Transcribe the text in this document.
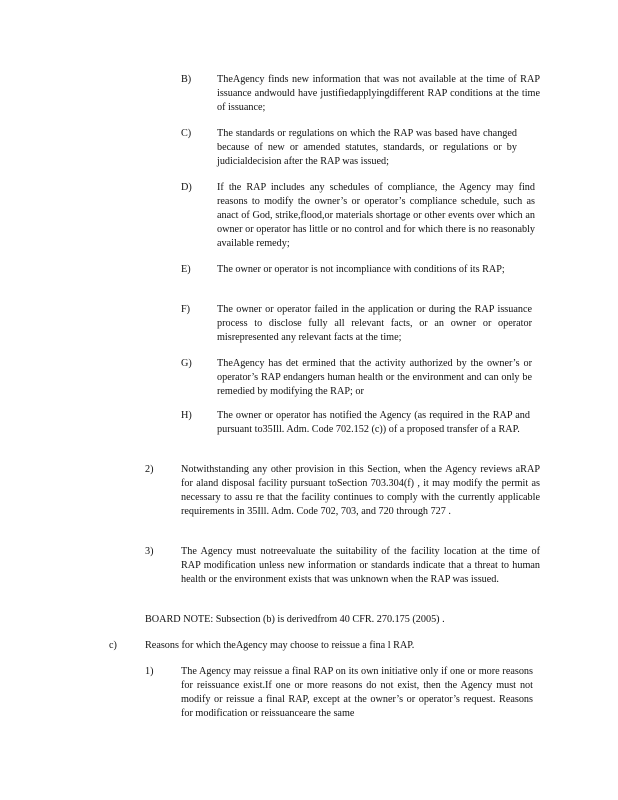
B)	TheAgency finds new information that was not available at the time of RAP issuance andwould have justifiedapplyingdifferent RAP conditions at the time of issuance;
C)	The standards or regulations on which the RAP was based have changed because of new or amended statutes, standards, or regulations or by judicialdecision after the RAP was issued;
D) If the RAP includes any schedules of compliance, the Agency may find reasons to modify the owner’s or operator’s compliance schedule, such as anact of God, strike,flood,or materials shortage or other events over which an owner or operator has little or no control and for which there is no reasonably available remedy;
E)	The owner or operator is not incompliance with conditions of its RAP;
F)	The owner or operator failed in the application or during the RAP issuance process to disclose fully all relevant facts, or an owner or operator misrepresented any relevant facts at the time;
G) TheAgency has det ermined that the activity authorized by the owner’s or operator’s RAP endangers human health or the environment and can only be remedied by modifying the RAP; or
H) The owner or operator has notified the Agency (as required in the RAP and pursuant to35Ill. Adm. Code 702.152 (c)) of a proposed transfer of a RAP.
2)	Notwithstanding any other provision in this Section, when the Agency reviews aRAP for aland disposal facility pursuant toSection 703.304(f) , it may modify the permit as necessary to assu re that the facility continues to comply with the currently applicable requirements in 35Ill. Adm. Code 702, 703, and 720 through 727 .
3)	The Agency must notreevaluate the suitability of the facility location at the time of RAP modification unless new information or standards indicate that a threat to human health or the environment exists that was unknown when the RAP was issued.
BOARD NOTE: Subsection (b) is derivedfrom 40 CFR. 270.175 (2005) .
c)	Reasons for which theAgency may choose to reissue a fina l RAP.
1)	The Agency may reissue a final RAP on its own initiative only if one or more reasons for reissuance exist.If one or more reasons do not exist, then the Agency must not modify or reissue a final RAP, except at the owner’s or operator’s request. Reasons for modification or reissuanceare the same
